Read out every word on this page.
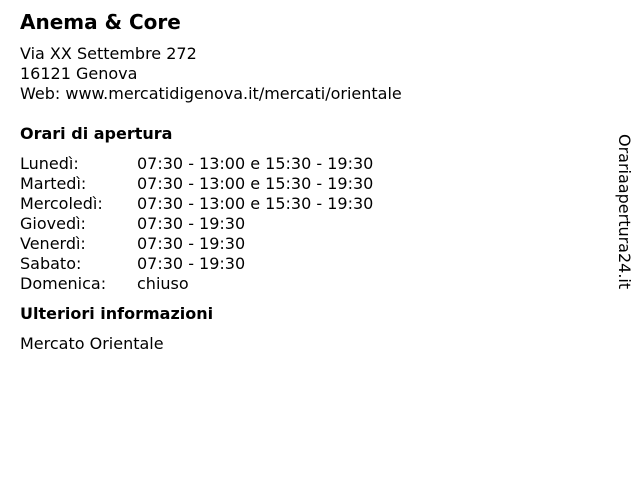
Anema & Core
Via XX Settembre 272
16121 Genova
Web: www.mercatidigenova.it/mercati/orientale
Orari di apertura
Lunedì:	07:30 - 13:00 e 15:30 - 19:30
Martedì:	07:30 - 13:00 e 15:30 - 19:30
Mercoledì: 07:30 - 13:00 e 15:30 - 19:30
Giovedì:	07:30 - 19:30
Venerdì:	07:30 - 19:30
Sabato:	07:30 - 19:30
Domenica: chiuso
Ulteriori informazioni
Mercato Orientale
Orariaapertura24.it
